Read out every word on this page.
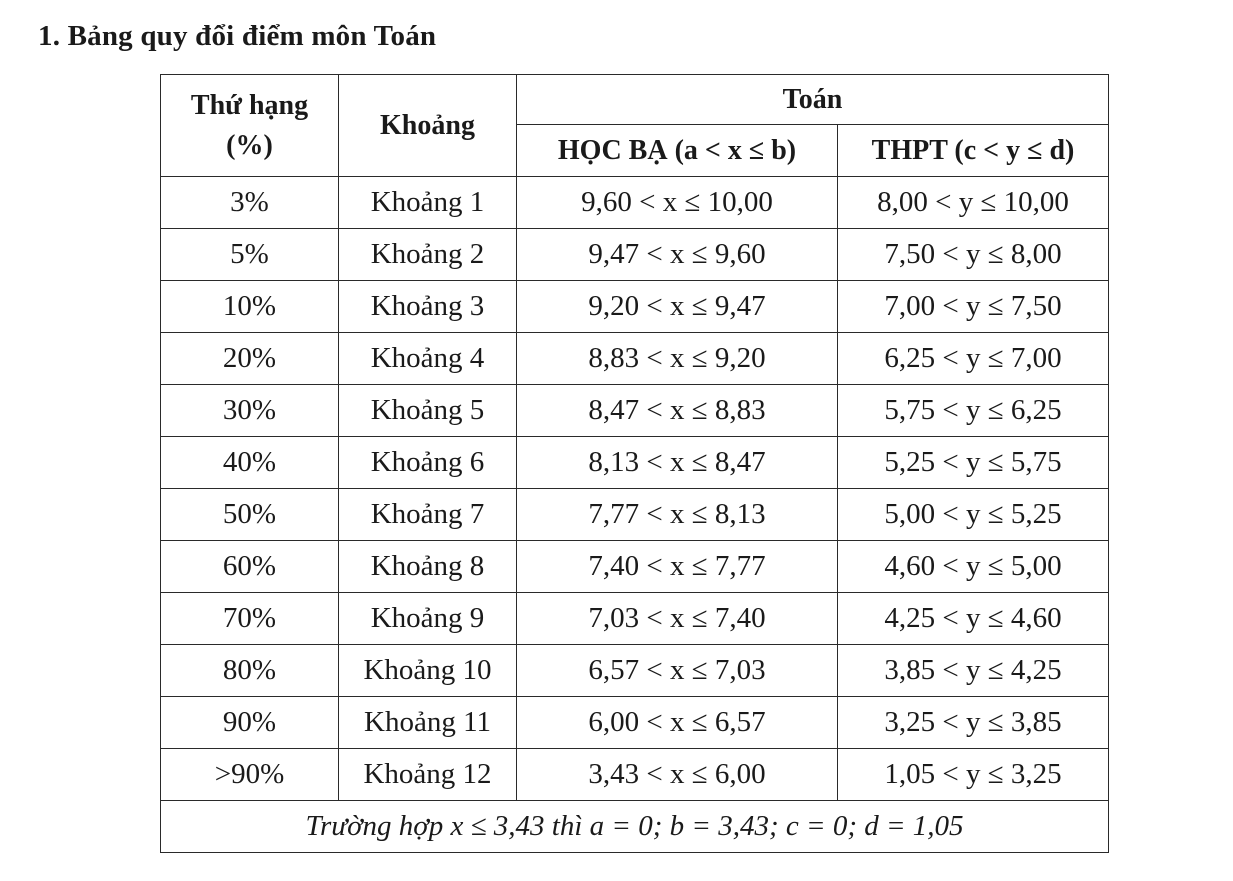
1. Bảng quy đổi điểm môn Toán
Thứ hạng
(%)	Khoảng	Toán	
		HỌC BẠ (a < x ≤ b)	THPT (c < y ≤ d)
3%	Khoảng 1	9,60 < x ≤ 10,00	8,00 < y ≤ 10,00
5%	Khoảng 2	9,47 < x ≤ 9,60	7,50 < y ≤ 8,00
10%	Khoảng 3	9,20 < x ≤ 9,47	7,00 < y ≤ 7,50
20%	Khoảng 4	8,83 < x ≤ 9,20	6,25 < y ≤ 7,00
30%	Khoảng 5	8,47 < x ≤ 8,83	5,75 < y ≤ 6,25
40%	Khoảng 6	8,13 < x ≤ 8,47	5,25 < y ≤ 5,75
50%	Khoảng 7	7,77 < x ≤ 8,13	5,00 < y ≤ 5,25
60%	Khoảng 8	7,40 < x ≤ 7,77	4,60 < y ≤ 5,00
70%	Khoảng 9	7,03 < x ≤ 7,40	4,25 < y ≤ 4,60
80%	Khoảng 10	6,57 < x ≤ 7,03	3,85 < y ≤ 4,25
90%	Khoảng 11	6,00 < x ≤ 6,57	3,25 < y ≤ 3,85
>90%	Khoảng 12	3,43 < x ≤ 6,00	1,05 < y ≤ 3,25
Trường hợp x ≤ 3,43 thì a = 0; b = 3,43; c = 0; d = 1,05			
